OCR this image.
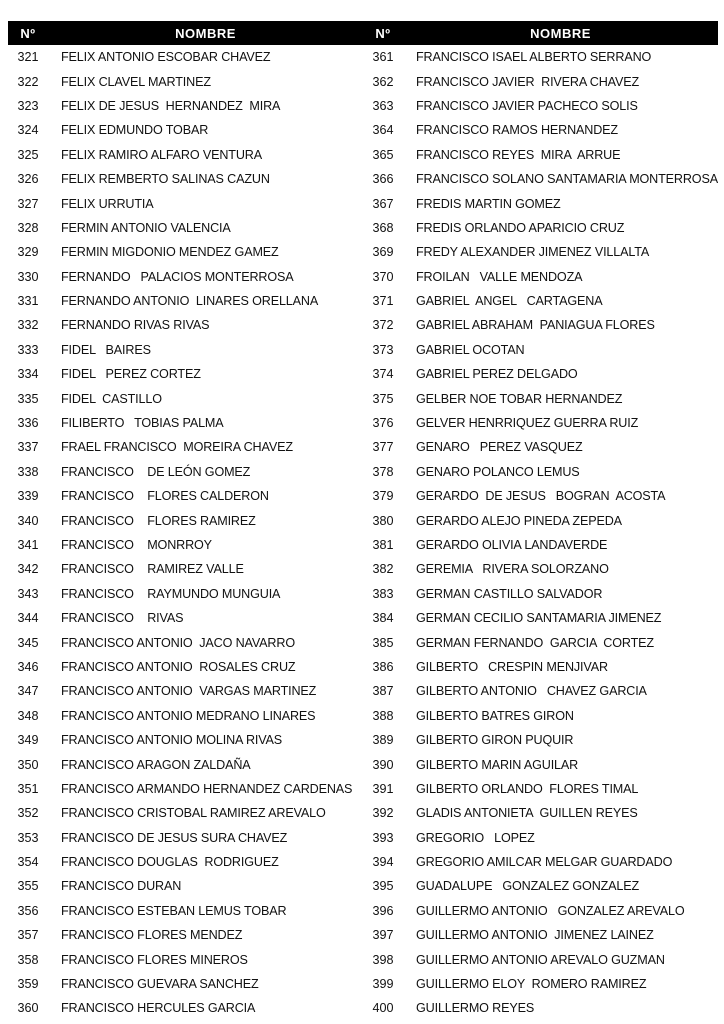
Nº	NOMBRE	Nº	NOMBRE
321	FELIX ANTONIO ESCOBAR CHAVEZ	361	FRANCISCO ISAEL ALBERTO SERRANO
322	FELIX CLAVEL MARTINEZ	362	FRANCISCO JAVIER  RIVERA CHAVEZ
323	FELIX DE JESUS  HERNANDEZ  MIRA	363	FRANCISCO JAVIER PACHECO SOLIS
324	FELIX EDMUNDO TOBAR	364	FRANCISCO RAMOS HERNANDEZ
325	FELIX RAMIRO ALFARO VENTURA	365	FRANCISCO REYES  MIRA  ARRUE
326	FELIX REMBERTO SALINAS CAZUN	366	FRANCISCO SOLANO SANTAMARIA MONTERROSA
327	FELIX URRUTIA	367	FREDIS MARTIN GOMEZ
328	FERMIN ANTONIO VALENCIA	368	FREDIS ORLANDO APARICIO CRUZ
329	FERMIN MIGDONIO MENDEZ GAMEZ	369	FREDY ALEXANDER JIMENEZ VILLALTA
330	FERNANDO   PALACIOS MONTERROSA	370	FROILAN   VALLE MENDOZA
331	FERNANDO ANTONIO  LINARES ORELLANA	371	GABRIEL  ANGEL   CARTAGENA
332	FERNANDO RIVAS RIVAS	372	GABRIEL ABRAHAM  PANIAGUA FLORES
333	FIDEL   BAIRES	373	GABRIEL OCOTAN
334	FIDEL   PEREZ CORTEZ	374	GABRIEL PEREZ DELGADO
335	FIDEL  CASTILLO	375	GELBER NOE TOBAR HERNANDEZ
336	FILIBERTO   TOBIAS PALMA	376	GELVER HENRRIQUEZ GUERRA RUIZ
337	FRAEL FRANCISCO  MOREIRA CHAVEZ	377	GENARO   PEREZ VASQUEZ
338	FRANCISCO    DE LEÓN GOMEZ	378	GENARO POLANCO LEMUS
339	FRANCISCO    FLORES CALDERON	379	GERARDO  DE JESUS   BOGRAN  ACOSTA
340	FRANCISCO    FLORES RAMIREZ	380	GERARDO ALEJO PINEDA ZEPEDA
341	FRANCISCO    MONRROY	381	GERARDO OLIVIA LANDAVERDE
342	FRANCISCO    RAMIREZ VALLE	382	GEREMIA   RIVERA SOLORZANO
343	FRANCISCO    RAYMUNDO MUNGUIA	383	GERMAN CASTILLO SALVADOR
344	FRANCISCO    RIVAS	384	GERMAN CECILIO SANTAMARIA JIMENEZ
345	FRANCISCO ANTONIO  JACO NAVARRO	385	GERMAN FERNANDO  GARCIA  CORTEZ
346	FRANCISCO ANTONIO  ROSALES CRUZ	386	GILBERTO   CRESPIN MENJIVAR
347	FRANCISCO ANTONIO  VARGAS MARTINEZ	387	GILBERTO ANTONIO   CHAVEZ GARCIA
348	FRANCISCO ANTONIO MEDRANO LINARES	388	GILBERTO BATRES GIRON
349	FRANCISCO ANTONIO MOLINA RIVAS	389	GILBERTO GIRON PUQUIR
350	FRANCISCO ARAGON ZALDAÑA	390	GILBERTO MARIN AGUILAR
351	FRANCISCO ARMANDO HERNANDEZ CARDENAS	391	GILBERTO ORLANDO  FLORES TIMAL
352	FRANCISCO CRISTOBAL RAMIREZ AREVALO	392	GLADIS ANTONIETA  GUILLEN REYES
353	FRANCISCO DE JESUS SURA CHAVEZ	393	GREGORIO   LOPEZ
354	FRANCISCO DOUGLAS  RODRIGUEZ	394	GREGORIO AMILCAR MELGAR GUARDADO
355	FRANCISCO DURAN	395	GUADALUPE   GONZALEZ GONZALEZ
356	FRANCISCO ESTEBAN LEMUS TOBAR	396	GUILLERMO ANTONIO   GONZALEZ AREVALO
357	FRANCISCO FLORES MENDEZ	397	GUILLERMO ANTONIO  JIMENEZ LAINEZ
358	FRANCISCO FLORES MINEROS	398	GUILLERMO ANTONIO AREVALO GUZMAN
359	FRANCISCO GUEVARA SANCHEZ	399	GUILLERMO ELOY  ROMERO RAMIREZ
360	FRANCISCO HERCULES GARCIA	400	GUILLERMO REYES
